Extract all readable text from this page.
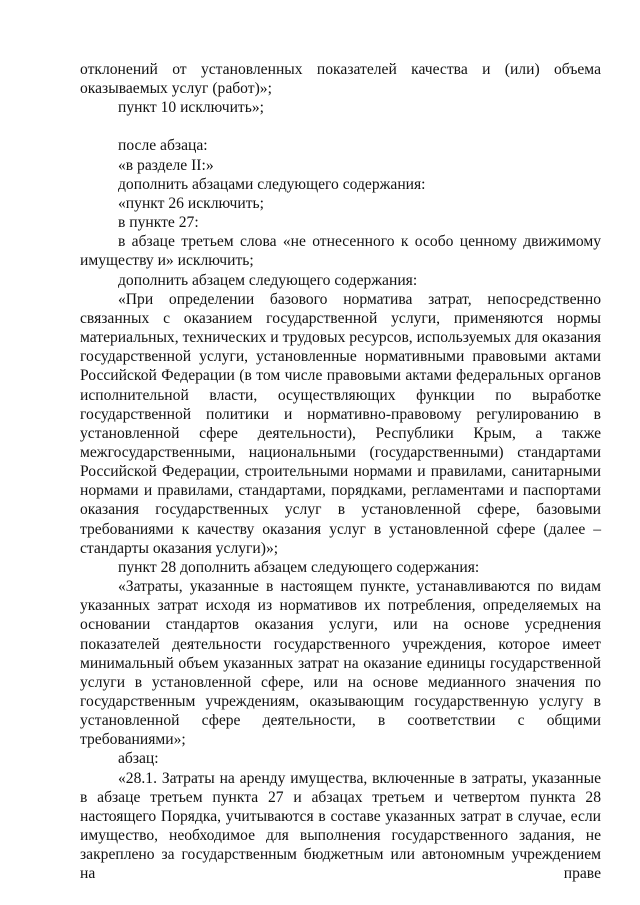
отклонений от установленных показателей качества и (или) объема оказываемых услуг (работ)»;

пункт 10 исключить»;

после абзаца:

«в разделе II:»

дополнить абзацами следующего содержания:

«пункт 26 исключить;

в пункте 27:

в абзаце третьем слова «не отнесенного к особо ценному движимому имуществу и» исключить;

дополнить абзацем следующего содержания:

«При определении базового норматива затрат, непосредственно связанных с оказанием государственной услуги, применяются нормы материальных, технических и трудовых ресурсов, используемых для оказания государственной услуги, установленные нормативными правовыми актами Российской Федерации (в том числе правовыми актами федеральных органов исполнительной власти, осуществляющих функции по выработке государственной политики и нормативно-правовому регулированию в установленной сфере деятельности), Республики Крым, а также межгосударственными, национальными (государственными) стандартами Российской Федерации, строительными нормами и правилами, санитарными нормами и правилами, стандартами, порядками, регламентами и паспортами оказания государственных услуг в установленной сфере, базовыми требованиями к качеству оказания услуг в установленной сфере (далее – стандарты оказания услуги)»;

пункт 28 дополнить абзацем следующего содержания:

«Затраты, указанные в настоящем пункте, устанавливаются по видам указанных затрат исходя из нормативов их потребления, определяемых на основании стандартов оказания услуги, или на основе усреднения показателей деятельности государственного учреждения, которое имеет минимальный объем указанных затрат на оказание единицы государственной услуги в установленной сфере, или на основе медианного значения по государственным учреждениям, оказывающим государственную услугу в установленной сфере деятельности, в соответствии с общими требованиями»;

абзац:

«28.1. Затраты на аренду имущества, включенные в затраты, указанные в абзаце третьем пункта 27 и абзацах третьем и четвертом пункта 28 настоящего Порядка, учитываются в составе указанных затрат в случае, если имущество, необходимое для выполнения государственного задания, не закреплено за государственным бюджетным или автономным учреждением на праве
